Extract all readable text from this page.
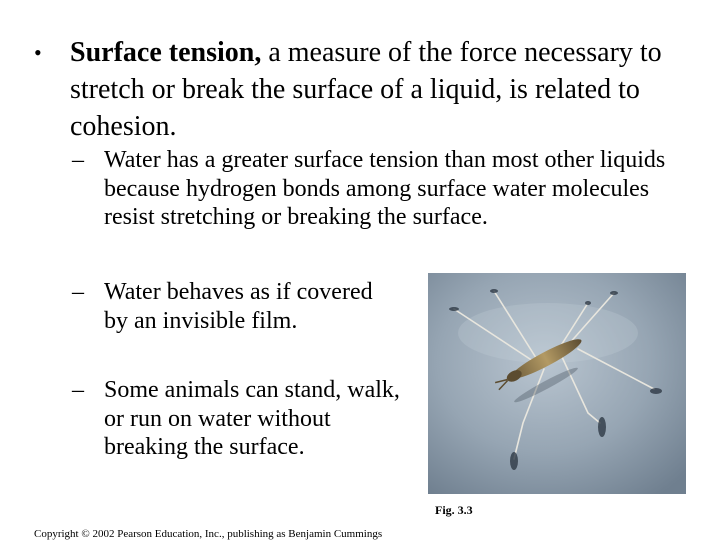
• Surface tension, a measure of the force necessary to stretch or break the surface of a liquid, is related to cohesion.
– Water has a greater surface tension than most other liquids because hydrogen bonds among surface water molecules resist stretching or breaking the surface.
– Water behaves as if covered by an invisible film.
– Some animals can stand, walk, or run on water without breaking the surface.
Fig. 3.3
Copyright © 2002 Pearson Education, Inc., publishing as Benjamin Cummings
